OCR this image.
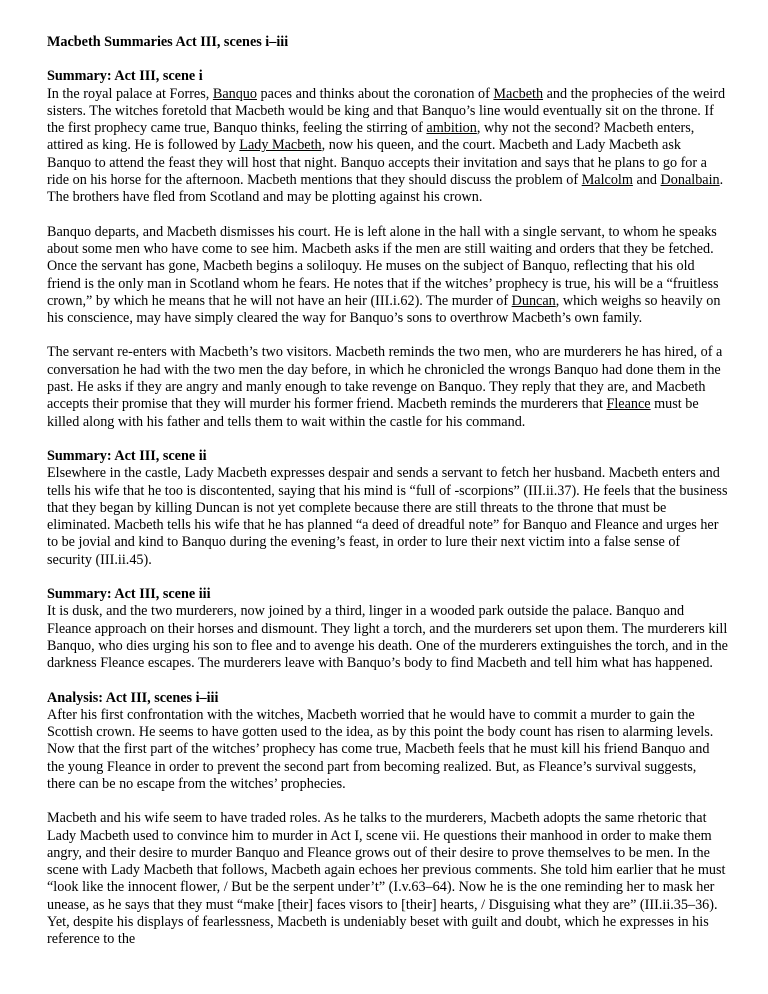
Macbeth Summaries Act III, scenes i–iii
Summary: Act III, scene i

In the royal palace at Forres, Banquo paces and thinks about the coronation of Macbeth and the prophecies of the weird sisters. The witches foretold that Macbeth would be king and that Banquo’s line would eventually sit on the throne. If the first prophecy came true, Banquo thinks, feeling the stirring of ambition, why not the second? Macbeth enters, attired as king. He is followed by Lady Macbeth, now his queen, and the court. Macbeth and Lady Macbeth ask Banquo to attend the feast they will host that night. Banquo accepts their invitation and says that he plans to go for a ride on his horse for the afternoon. Macbeth mentions that they should discuss the problem of Malcolm and Donalbain. The brothers have fled from Scotland and may be plotting against his crown.

Banquo departs, and Macbeth dismisses his court. He is left alone in the hall with a single servant, to whom he speaks about some men who have come to see him. Macbeth asks if the men are still waiting and orders that they be fetched. Once the servant has gone, Macbeth begins a soliloquy. He muses on the subject of Banquo, reflecting that his old friend is the only man in Scotland whom he fears. He notes that if the witches’ prophecy is true, his will be a “fruitless crown,” by which he means that he will not have an heir (III.i.62). The murder of Duncan, which weighs so heavily on his conscience, may have simply cleared the way for Banquo’s sons to overthrow Macbeth’s own family.

The servant re-enters with Macbeth’s two visitors. Macbeth reminds the two men, who are murderers he has hired, of a conversation he had with the two men the day before, in which he chronicled the wrongs Banquo had done them in the past. He asks if they are angry and manly enough to take revenge on Banquo. They reply that they are, and Macbeth accepts their promise that they will murder his former friend. Macbeth reminds the murderers that Fleance must be killed along with his father and tells them to wait within the castle for his command.

Summary: Act III, scene ii

Elsewhere in the castle, Lady Macbeth expresses despair and sends a servant to fetch her husband. Macbeth enters and tells his wife that he too is discontented, saying that his mind is “full of -scorpions” (III.ii.37). He feels that the business that they began by killing Duncan is not yet complete because there are still threats to the throne that must be eliminated. Macbeth tells his wife that he has planned “a deed of dreadful note” for Banquo and Fleance and urges her to be jovial and kind to Banquo during the evening’s feast, in order to lure their next victim into a false sense of security (III.ii.45).

Summary: Act III, scene iii

It is dusk, and the two murderers, now joined by a third, linger in a wooded park outside the palace. Banquo and Fleance approach on their horses and dismount. They light a torch, and the murderers set upon them. The murderers kill Banquo, who dies urging his son to flee and to avenge his death. One of the murderers extinguishes the torch, and in the darkness Fleance escapes. The murderers leave with Banquo’s body to find Macbeth and tell him what has happened.

Analysis: Act III, scenes i–iii

After his first confrontation with the witches, Macbeth worried that he would have to commit a murder to gain the Scottish crown. He seems to have gotten used to the idea, as by this point the body count has risen to alarming levels. Now that the first part of the witches’ prophecy has come true, Macbeth feels that he must kill his friend Banquo and the young Fleance in order to prevent the second part from becoming realized. But, as Fleance’s survival suggests, there can be no escape from the witches’ prophecies.

Macbeth and his wife seem to have traded roles. As he talks to the murderers, Macbeth adopts the same rhetoric that Lady Macbeth used to convince him to murder in Act I, scene vii. He questions their manhood in order to make them angry, and their desire to murder Banquo and Fleance grows out of their desire to prove themselves to be men. In the scene with Lady Macbeth that follows, Macbeth again echoes her previous comments. She told him earlier that he must “look like the innocent flower, / But be the serpent under’t” (I.v.63–64). Now he is the one reminding her to mask her unease, as he says that they must “make [their] faces visors to [their] hearts, / Disguising what they are” (III.ii.35–36). Yet, despite his displays of fearlessness, Macbeth is undeniably beset with guilt and doubt, which he expresses in his reference to the
